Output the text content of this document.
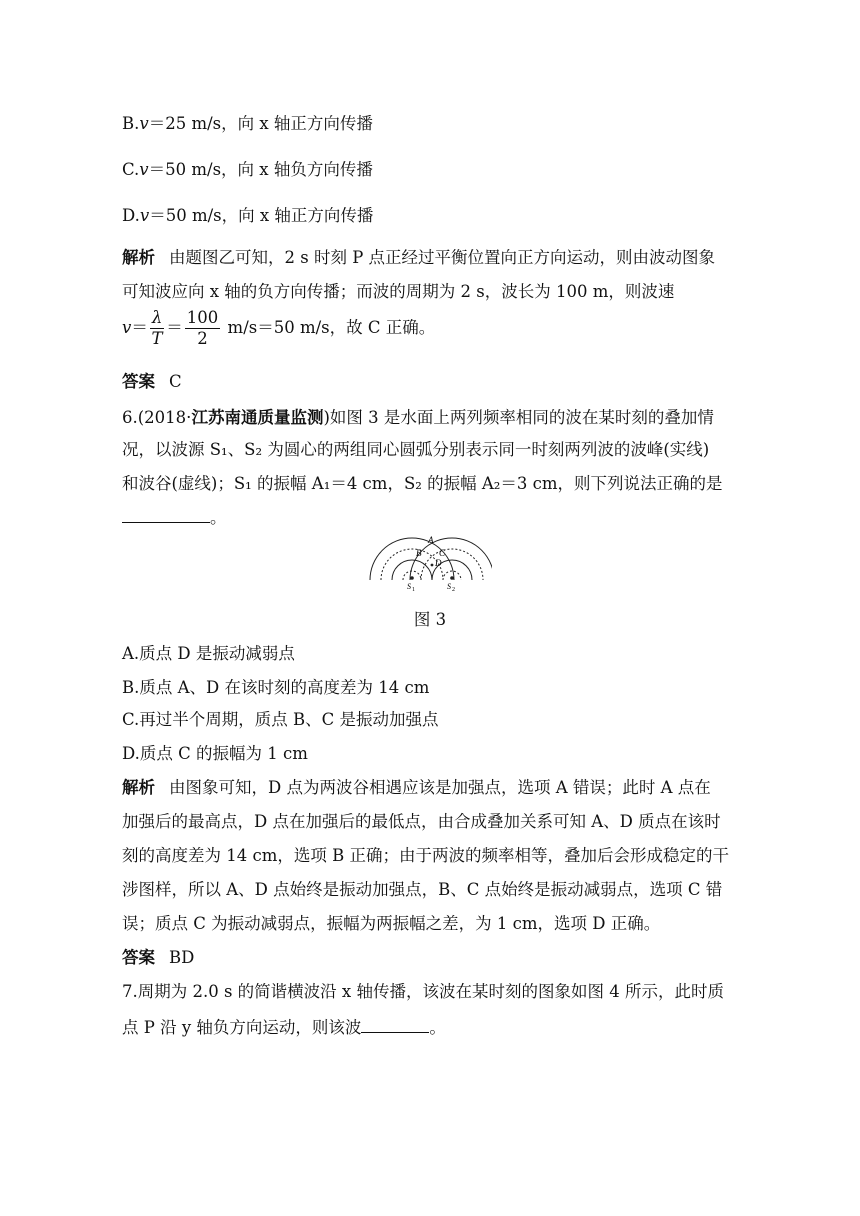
B.v＝25 m/s，向 x 轴正方向传播
C.v＝50 m/s，向 x 轴负方向传播
D.v＝50 m/s，向 x 轴正方向传播
解析 由题图乙可知，2 s 时刻 P 点正经过平衡位置向正方向运动，则由波动图象
可知波应向 x 轴的负方向传播；而波的周期为 2 s，波长为 100 m，则波速
$v= \frac{\lambda}{T} = \frac{100}{2} m/s=50$ m/s，故 C 正确。
答案 C
6.(2018·江苏南通质量监测)如图 3 是水面上两列频率相同的波在某时刻的叠加情
况，以波源 S₁、S₂ 为圆心的两组同心圆弧分别表示同一时刻两列波的波峰(实线)
和波谷(虚线)；S₁ 的振幅 A₁＝4 cm，S₂ 的振幅 A₂＝3 cm，则下列说法正确的是
。
A
B C
D
S 1	S 2
图 3
A.质点 D 是振动减弱点
B.质点 A、D 在该时刻的高度差为 14 cm
C.再过半个周期，质点 B、C 是振动加强点
D.质点 C 的振幅为 1 cm
解析 由图象可知，D 点为两波谷相遇应该是加强点，选项 A 错误；此时 A 点在
加强后的最高点，D 点在加强后的最低点，由合成叠加关系可知 A、D 质点在该时
刻的高度差为 14 cm，选项 B 正确；由于两波的频率相等，叠加后会形成稳定的干
涉图样，所以 A、D 点始终是振动加强点，B、C 点始终是振动减弱点，选项 C 错
误；质点 C 为振动减弱点，振幅为两振幅之差，为 1 cm，选项 D 正确。
答案 BD
7.周期为 2.0 s 的简谐横波沿 x 轴传播，该波在某时刻的图象如图 4 所示，此时质
点 P 沿 y 轴负方向运动，则该波	。
